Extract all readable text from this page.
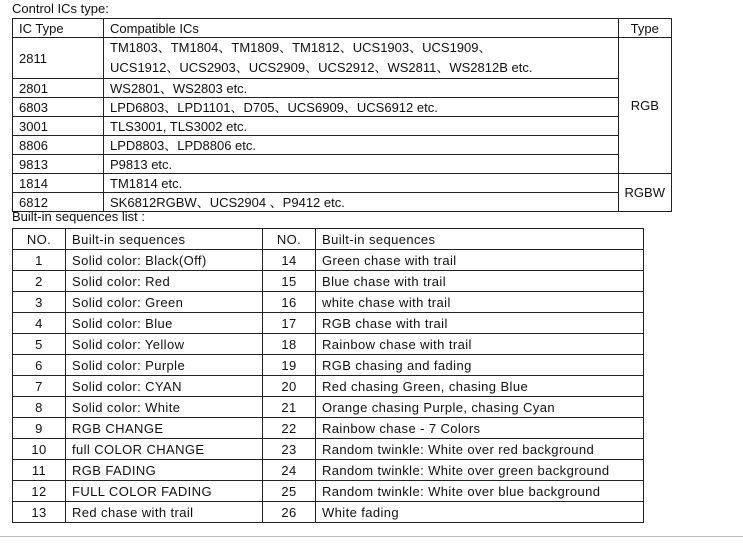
Control ICs type:
IC Type	Compatible ICs	Type
2811	TM1803、TM1804、TM1809、TM1812、UCS1903、UCS1909、
UCS1912、UCS2903、UCS2909、UCS2912、WS2811、WS2812B etc.	RGB
2801	WS2801、WS2803 etc.	
6803	LPD6803、LPD1101、D705、UCS6909、UCS6912 etc.	
3001	TLS3001, TLS3002 etc.	
8806	LPD8803、LPD8806 etc.	
9813	P9813 etc.	
1814	TM1814 etc.	RGBW
6812	SK6812RGBW、UCS2904 、P9412 etc.	
Built-in sequences list :
NO.	Built-in sequences	NO.	Built-in sequences
1	Solid color: Black(Off)	14	Green chase with trail
2	Solid color: Red	15	Blue chase with trail
3	Solid color: Green	16	white chase with trail
4	Solid color: Blue	17	RGB chase with trail
5	Solid color: Yellow	18	Rainbow chase with trail
6	Solid color: Purple	19	RGB chasing and fading
7	Solid color: CYAN	20	Red chasing Green, chasing Blue
8	Solid color: White	21	Orange chasing Purple, chasing Cyan
9	RGB CHANGE	22	Rainbow chase - 7 Colors
10	full COLOR CHANGE	23	Random twinkle: White over red background
11	RGB FADING	24	Random twinkle: White over green background
12	FULL COLOR FADING	25	Random twinkle: White over blue background
13	Red chase with trail	26	White fading
